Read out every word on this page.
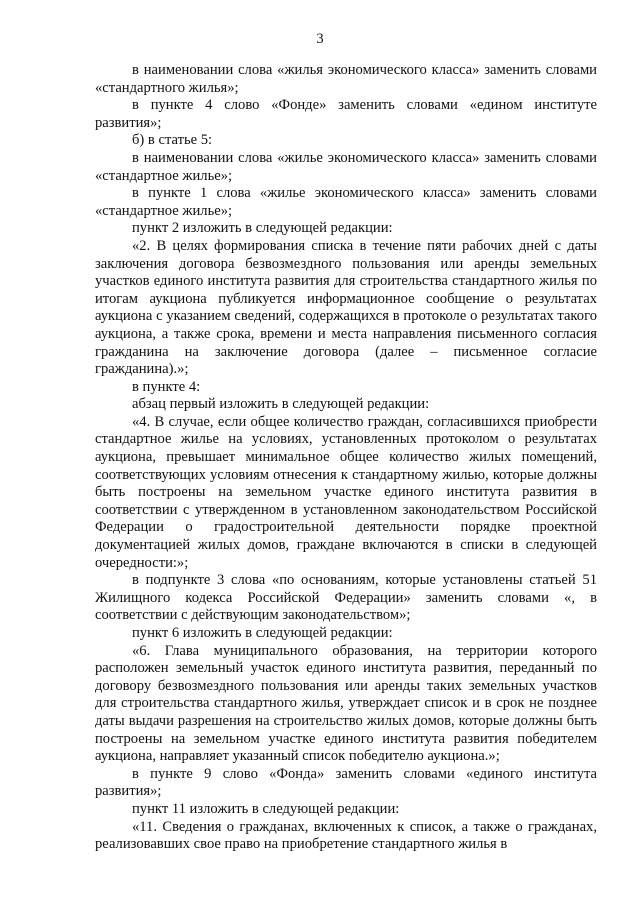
3

в наименовании слова «жилья экономического класса» заменить словами «стандартного жилья»;

в пункте 4 слово «Фонде» заменить словами «едином институте развития»;

б) в статье 5:

в наименовании слова «жилье экономического класса» заменить словами «стандартное жилье»;

в пункте 1 слова «жилье экономического класса» заменить словами «стандартное жилье»;

пункт 2 изложить в следующей редакции:

«2. В целях формирования списка в течение пяти рабочих дней с даты заключения договора безвозмездного пользования или аренды земельных участков единого института развития для строительства стандартного жилья по итогам аукциона публикуется информационное сообщение о результатах аукциона с указанием сведений, содержащихся в протоколе о результатах такого аукциона, а также срока, времени и места направления письменного согласия гражданина на заключение договора (далее – письменное согласие гражданина).»;

в пункте 4:

абзац первый изложить в следующей редакции:

«4. В случае, если общее количество граждан, согласившихся приобрести стандартное жилье на условиях, установленных протоколом о результатах аукциона, превышает минимальное общее количество жилых помещений, соответствующих условиям отнесения к стандартному жилью, которые должны быть построены на земельном участке единого института развития в соответствии с утвержденном в установленном законодательством Российской Федерации о градостроительной деятельности порядке проектной документацией жилых домов, граждане включаются в списки в следующей очередности:»;

в подпункте 3 слова «по основаниям, которые установлены статьей 51 Жилищного кодекса Российской Федерации» заменить словами «, в соответствии с действующим законодательством»;

пункт 6 изложить в следующей редакции:

«6. Глава муниципального образования, на территории которого расположен земельный участок единого института развития, переданный по договору безвозмездного пользования или аренды таких земельных участков для строительства стандартного жилья, утверждает список и в срок не позднее даты выдачи разрешения на строительство жилых домов, которые должны быть построены на земельном участке единого института развития победителем аукциона, направляет указанный список победителю аукциона.»;

в пункте 9 слово «Фонда» заменить словами «единого института развития»;

пункт 11 изложить в следующей редакции:

«11. Сведения о гражданах, включенных к список, а также о гражданах, реализовавших свое право на приобретение стандартного жилья в
